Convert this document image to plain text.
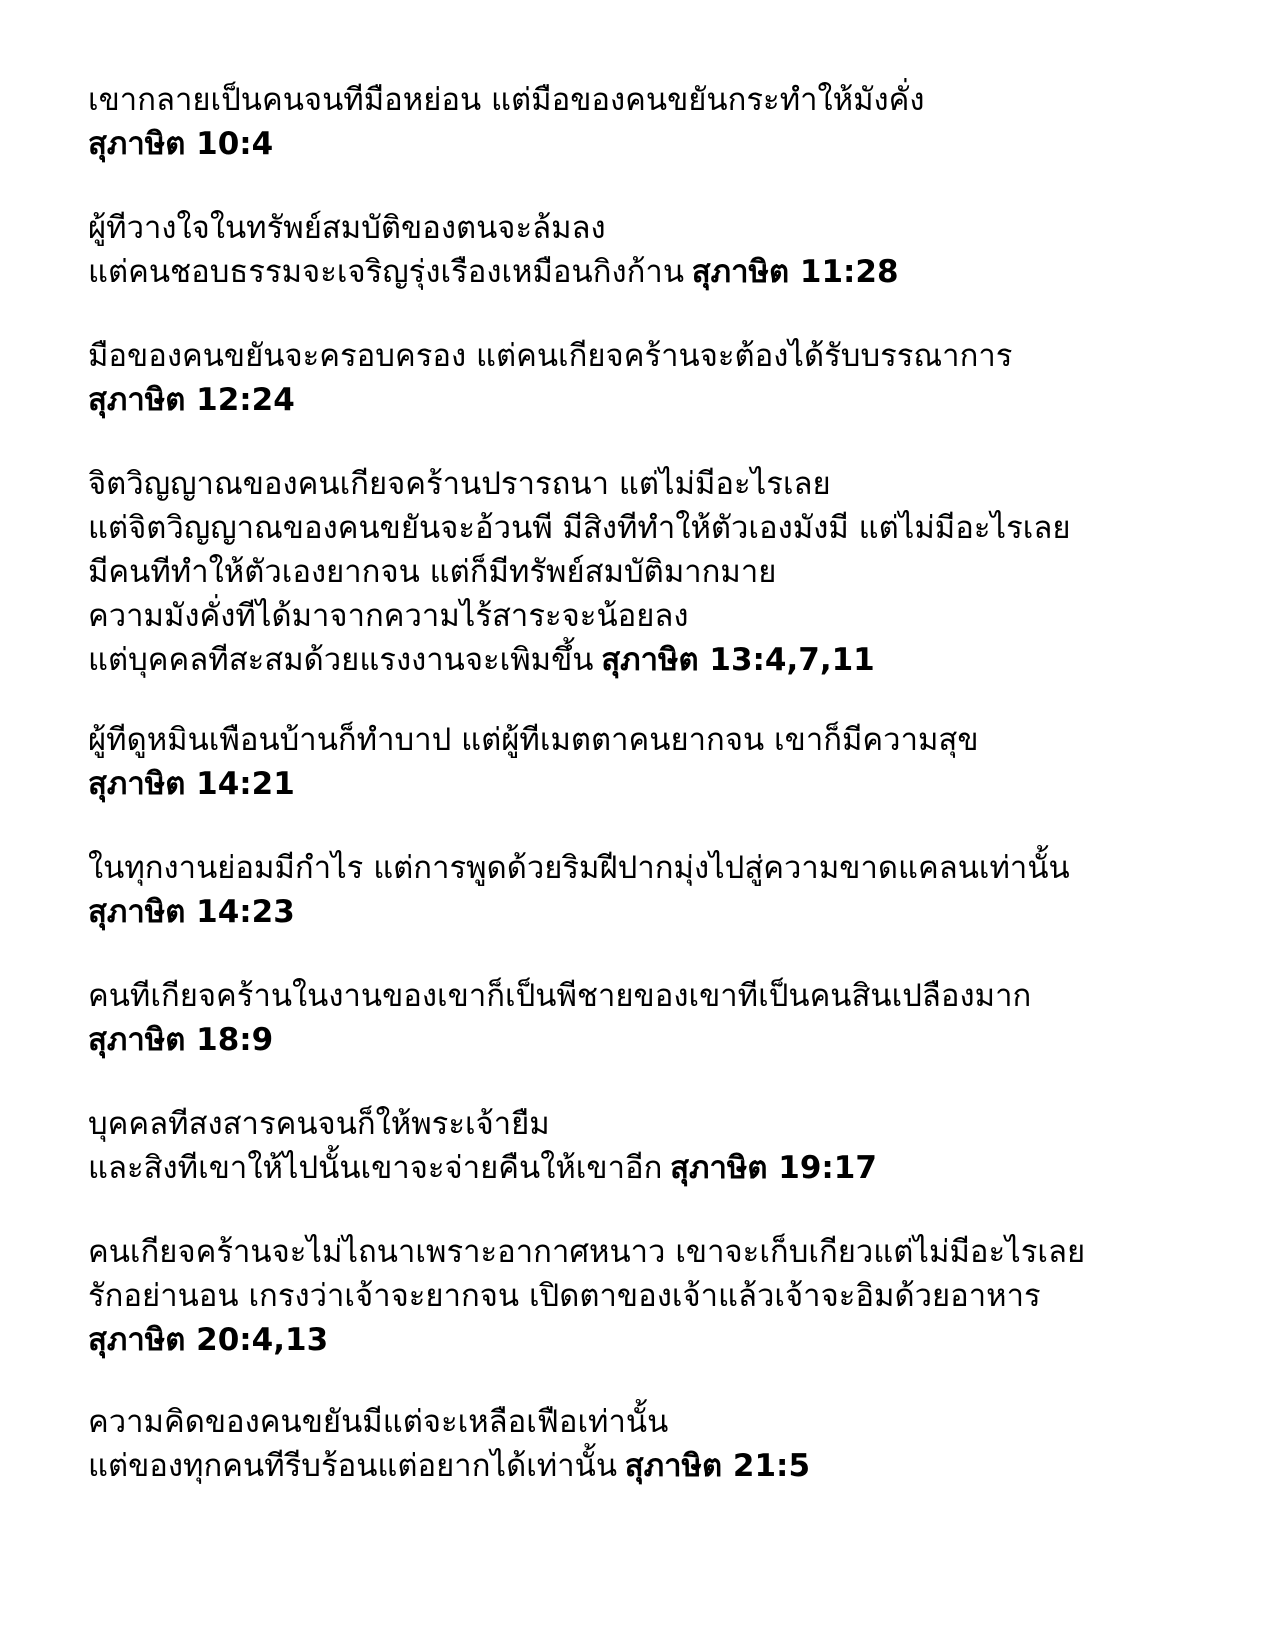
เขากลายเป็นคนจนทีมือหย่อน แต่มือของคนขยันกระทำให้มังคั่ง
สุภาษิต 10:4
ผู้ทีวางใจในทรัพย์สมบัติของตนจะล้มลง
แต่คนชอบธรรมจะเจริญรุ่งเรืองเหมือนกิงก้าน สุภาษิต 11:28
มือของคนขยันจะครอบครอง แต่คนเกียจคร้านจะต้องได้รับบรรณาการ
สุภาษิต 12:24
จิตวิญญาณของคนเกียจคร้านปรารถนา แต่ไม่มีอะไรเลย
แต่จิตวิญญาณของคนขยันจะอ้วนพี มีสิงทีทำให้ตัวเองมังมี แต่ไม่มีอะไรเลย
มีคนทีทำให้ตัวเองยากจน แต่ก็มีทรัพย์สมบัติมากมาย
ความมังคั่งทีได้มาจากความไร้สาระจะน้อยลง
แต่บุคคลทีสะสมด้วยแรงงานจะเพิมขึ้น สุภาษิต 13:4,7,11
ผู้ทีดูหมินเพือนบ้านก็ทำบาป แต่ผู้ทีเมตตาคนยากจน เขาก็มีความสุข
สุภาษิต 14:21
ในทุกงานย่อมมีกำไร แต่การพูดด้วยริมฝีปากมุ่งไปสู่ความขาดแคลนเท่านั้น
สุภาษิต 14:23
คนทีเกียจคร้านในงานของเขาก็เป็นพีชายของเขาทีเป็นคนสินเปลืองมาก
สุภาษิต 18:9
บุคคลทีสงสารคนจนก็ให้พระเจ้ายืม
และสิงทีเขาให้ไปนั้นเขาจะจ่ายคืนให้เขาอีก สุภาษิต 19:17
คนเกียจคร้านจะไม่ไถนาเพราะอากาศหนาว เขาจะเก็บเกียวแต่ไม่มีอะไรเลย
รักอย่านอน เกรงว่าเจ้าจะยากจน เปิดตาของเจ้าแล้วเจ้าจะอิมด้วยอาหาร
สุภาษิต 20:4,13
ความคิดของคนขยันมีแต่จะเหลือเฟือเท่านั้น
แต่ของทุกคนทีรีบร้อนแต่อยากได้เท่านั้น สุภาษิต 21:5
